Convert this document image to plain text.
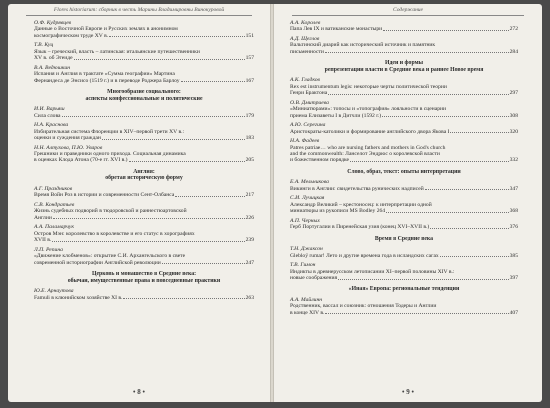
Flores historiarum: сборник в честь Марины Владимировны Винокуровой
О.Ф. Кудрявцев
Данные о Восточной Европе и Русских землях в анонимном
космографическом труде XV в.	151
Т.В. Куц
Язык – греческий, власть – латинская: итальянские путешественники
XV в. об Эгеиде	157
В.А. Ведюшкин
Испания и Англия в трактате «Сумма географии» Мартина
Фернандеса де Энсисо (1519 г.) и в переводе Роджера Барлоу	167
Многообразие социального:
аспекты конфессиональные и политические
И.И. Варьяш
Сила слова	179
Н.А. Краснова
Избирательная система Флоренции в XIV–первой трети XV в.:
оценки и суждения граждан	183
Н.Н. Алтухова, П.Ю. Уваров
Грешники и праведники одного прихода. Социальная динамика
в оценках Клода Атона (70-е гг. XVI в.)	205
Англия:
обретая историческую форму
А.Г. Праздников
Время Войн Роз в истории и современности Сент-Олбанса	217
С.В. Кондратьев
Жизнь судебных подворий в тюдоровской и раннестюартовской
Англии	226
А.А. Паламарчук
Остров Мэн: королевство в королевстве и его статус в хорографиях
XVII в.	239
Л.П. Репина
«Движение клобменов»: открытие С.И. Архангельского в свете
современной историографии Английской революции	247
Церковь и монашество в Средние века:
обычаи, имущественные права и повседневные практики
Ю.Е. Арнаутова
Famuli в клюнийском хозяйстве XI в.	263
• 8 •
Содержание
А.А. Королев
Папа Лев IX и ватиканские монастыри	272
А.Д. Щеглов
Вальтинский диарий как исторический источник и памятник
письменности	284
Идеи и формы
репрезентации власти в Средние века и раннее Новое время
А.К. Гладков
Rex est instrumentum legis: некоторые черты политической теории
Генри Брактона	297
О.В. Дмитриева
«Миниатюрами»: топосы и «топография» лояльности в сценарии
приема Елизаветы I в Дитчли (1592 г.)	308
А.Ю. Серегина
Аристократы-католики и формирование английского двора Якова I	320
Н.А. Фадеев
Patres patriae… who are nursing fathers and mothers in God's church
and the commonwealth: Ланселот Эндрюс о королевской власти
и божественном порядке	332
Слово, образ, текст: опыты интерпретации
Е.А. Мельникова
Викинги в Англии: свидетельства рунических надписей	347
С.И. Лучицкая
Александр Великий – крестоносец: к интерпретации одной
миниатюры из рукописи MS Bodley 264	368
А.П. Черных
Герб Португалии в Пиренейская узия (конец XVI–XVII в.)	376
Время в Средние века
Т.Н. Джаксон
Glebloÿ rumar! Лето и другие времена года в исландских сагах	385
Т.В. Гимон
Индикты в древнерусском летописании XI–первой половины XIV в.:
новые соображения	397
«Иная» Европа: региональные тенденции
А.А. Майлинн
Родственник, вассал и союзник: отношения Тодеры и Англии
в конце XIV в.	407
• 9 •
